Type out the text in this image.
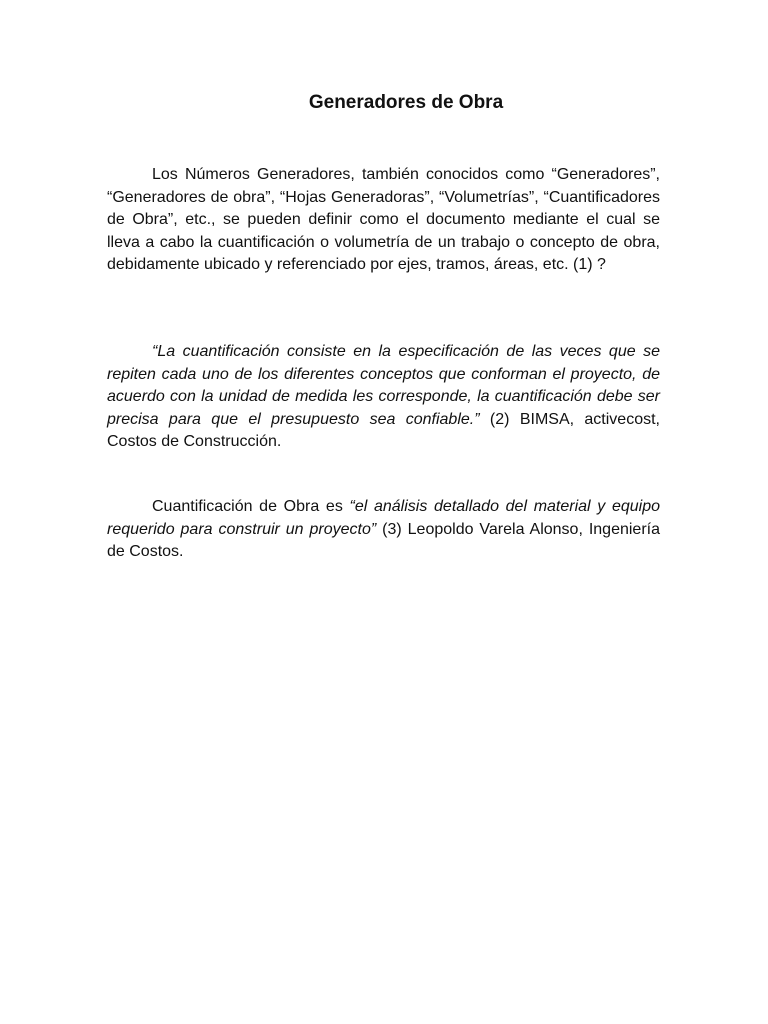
Generadores de Obra

Los Números Generadores, también conocidos como “Generadores”, “Generadores de obra”, “Hojas Generadoras”, “Volumetrías”, “Cuantificadores de Obra”, etc., se pueden definir como el documento mediante el cual se lleva a cabo la cuantificación o volumetría de un trabajo o concepto de obra, debidamente ubicado y referenciado por ejes, tramos, áreas, etc. (1) ?

“La cuantificación consiste en la especificación de las veces que se repiten cada uno de los diferentes conceptos que conforman el proyecto, de acuerdo con la unidad de medida les corresponde, la cuantificación debe ser precisa para que el presupuesto sea confiable.” (2) BIMSA, activecost, Costos de Construcción.

Cuantificación de Obra es “el análisis detallado del material y equipo requerido para construir un proyecto” (3) Leopoldo Varela Alonso, Ingeniería de Costos.
